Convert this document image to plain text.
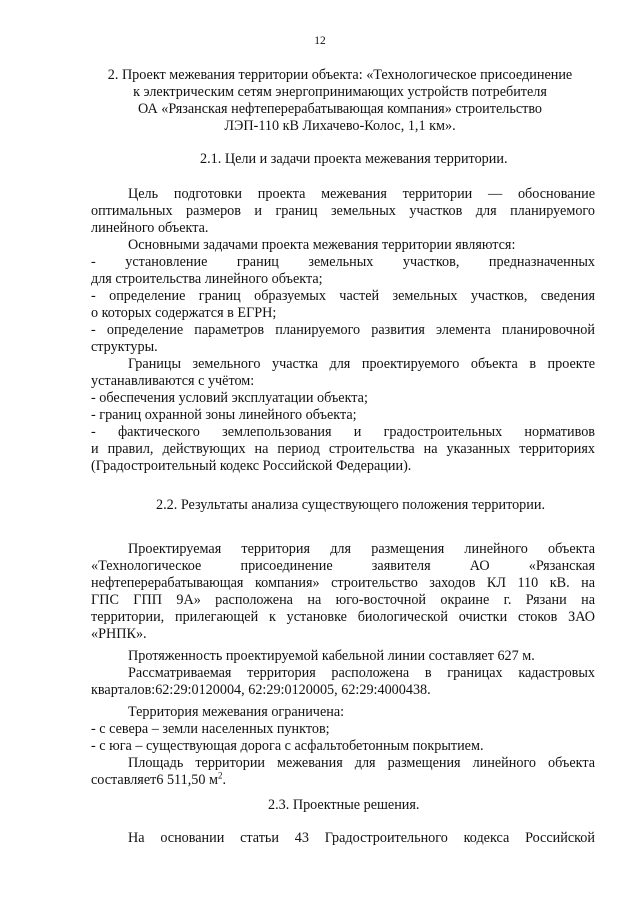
12
2. Проект межевания территории объекта: «Технологическое присоединение
к электрическим сетям энергопринимающих устройств потребителя
ОА «Рязанская нефтеперерабатывающая компания» строительство
ЛЭП-110 кВ Лихачево-Колос, 1,1 км».
2.1. Цели и задачи проекта межевания территории.
Цель подготовки проекта межевания территории — обоснование
оптимальных размеров и границ земельных участков для планируемого
линейного объекта.
Основными задачами проекта межевания территории являются:
- установление границ земельных участков, предназначенных
для строительства линейного объекта;
- определение границ образуемых частей земельных участков, сведения
о которых содержатся в ЕГРН;
- определение параметров планируемого развития элемента планировочной
структуры.
Границы земельного участка для проектируемого объекта в проекте
устанавливаются с учётом:
- обеспечения условий эксплуатации объекта;
- границ охранной зоны линейного объекта;
- фактического землепользования и градостроительных нормативов
и правил, действующих на период строительства на указанных территориях
(Градостроительный кодекс Российской Федерации).
2.2. Результаты анализа существующего положения территории.
Проектируемая территория для размещения линейного объекта
«Технологическое присоединение заявителя АО «Рязанская
нефтеперерабатывающая компания» строительство заходов КЛ 110 кВ. на
ГПС ГПП 9А» расположена на юго-восточной окраине г. Рязани на
территории, прилегающей к установке биологической очистки стоков ЗАО
«РНПК».
Протяженность проектируемой кабельной линии составляет 627 м.
Рассматриваемая территория расположена в границах кадастровых
кварталов:62:29:0120004, 62:29:0120005, 62:29:4000438.
Территория межевания ограничена:
- с севера – земли населенных пунктов;
- с юга – существующая дорога с асфальтобетонным покрытием.
Площадь территории межевания для размещения линейного объекта
составляет6 511,50 $м^2$.
2.3. Проектные решения.
На основании статьи 43 Градостроительного кодекса Российской
